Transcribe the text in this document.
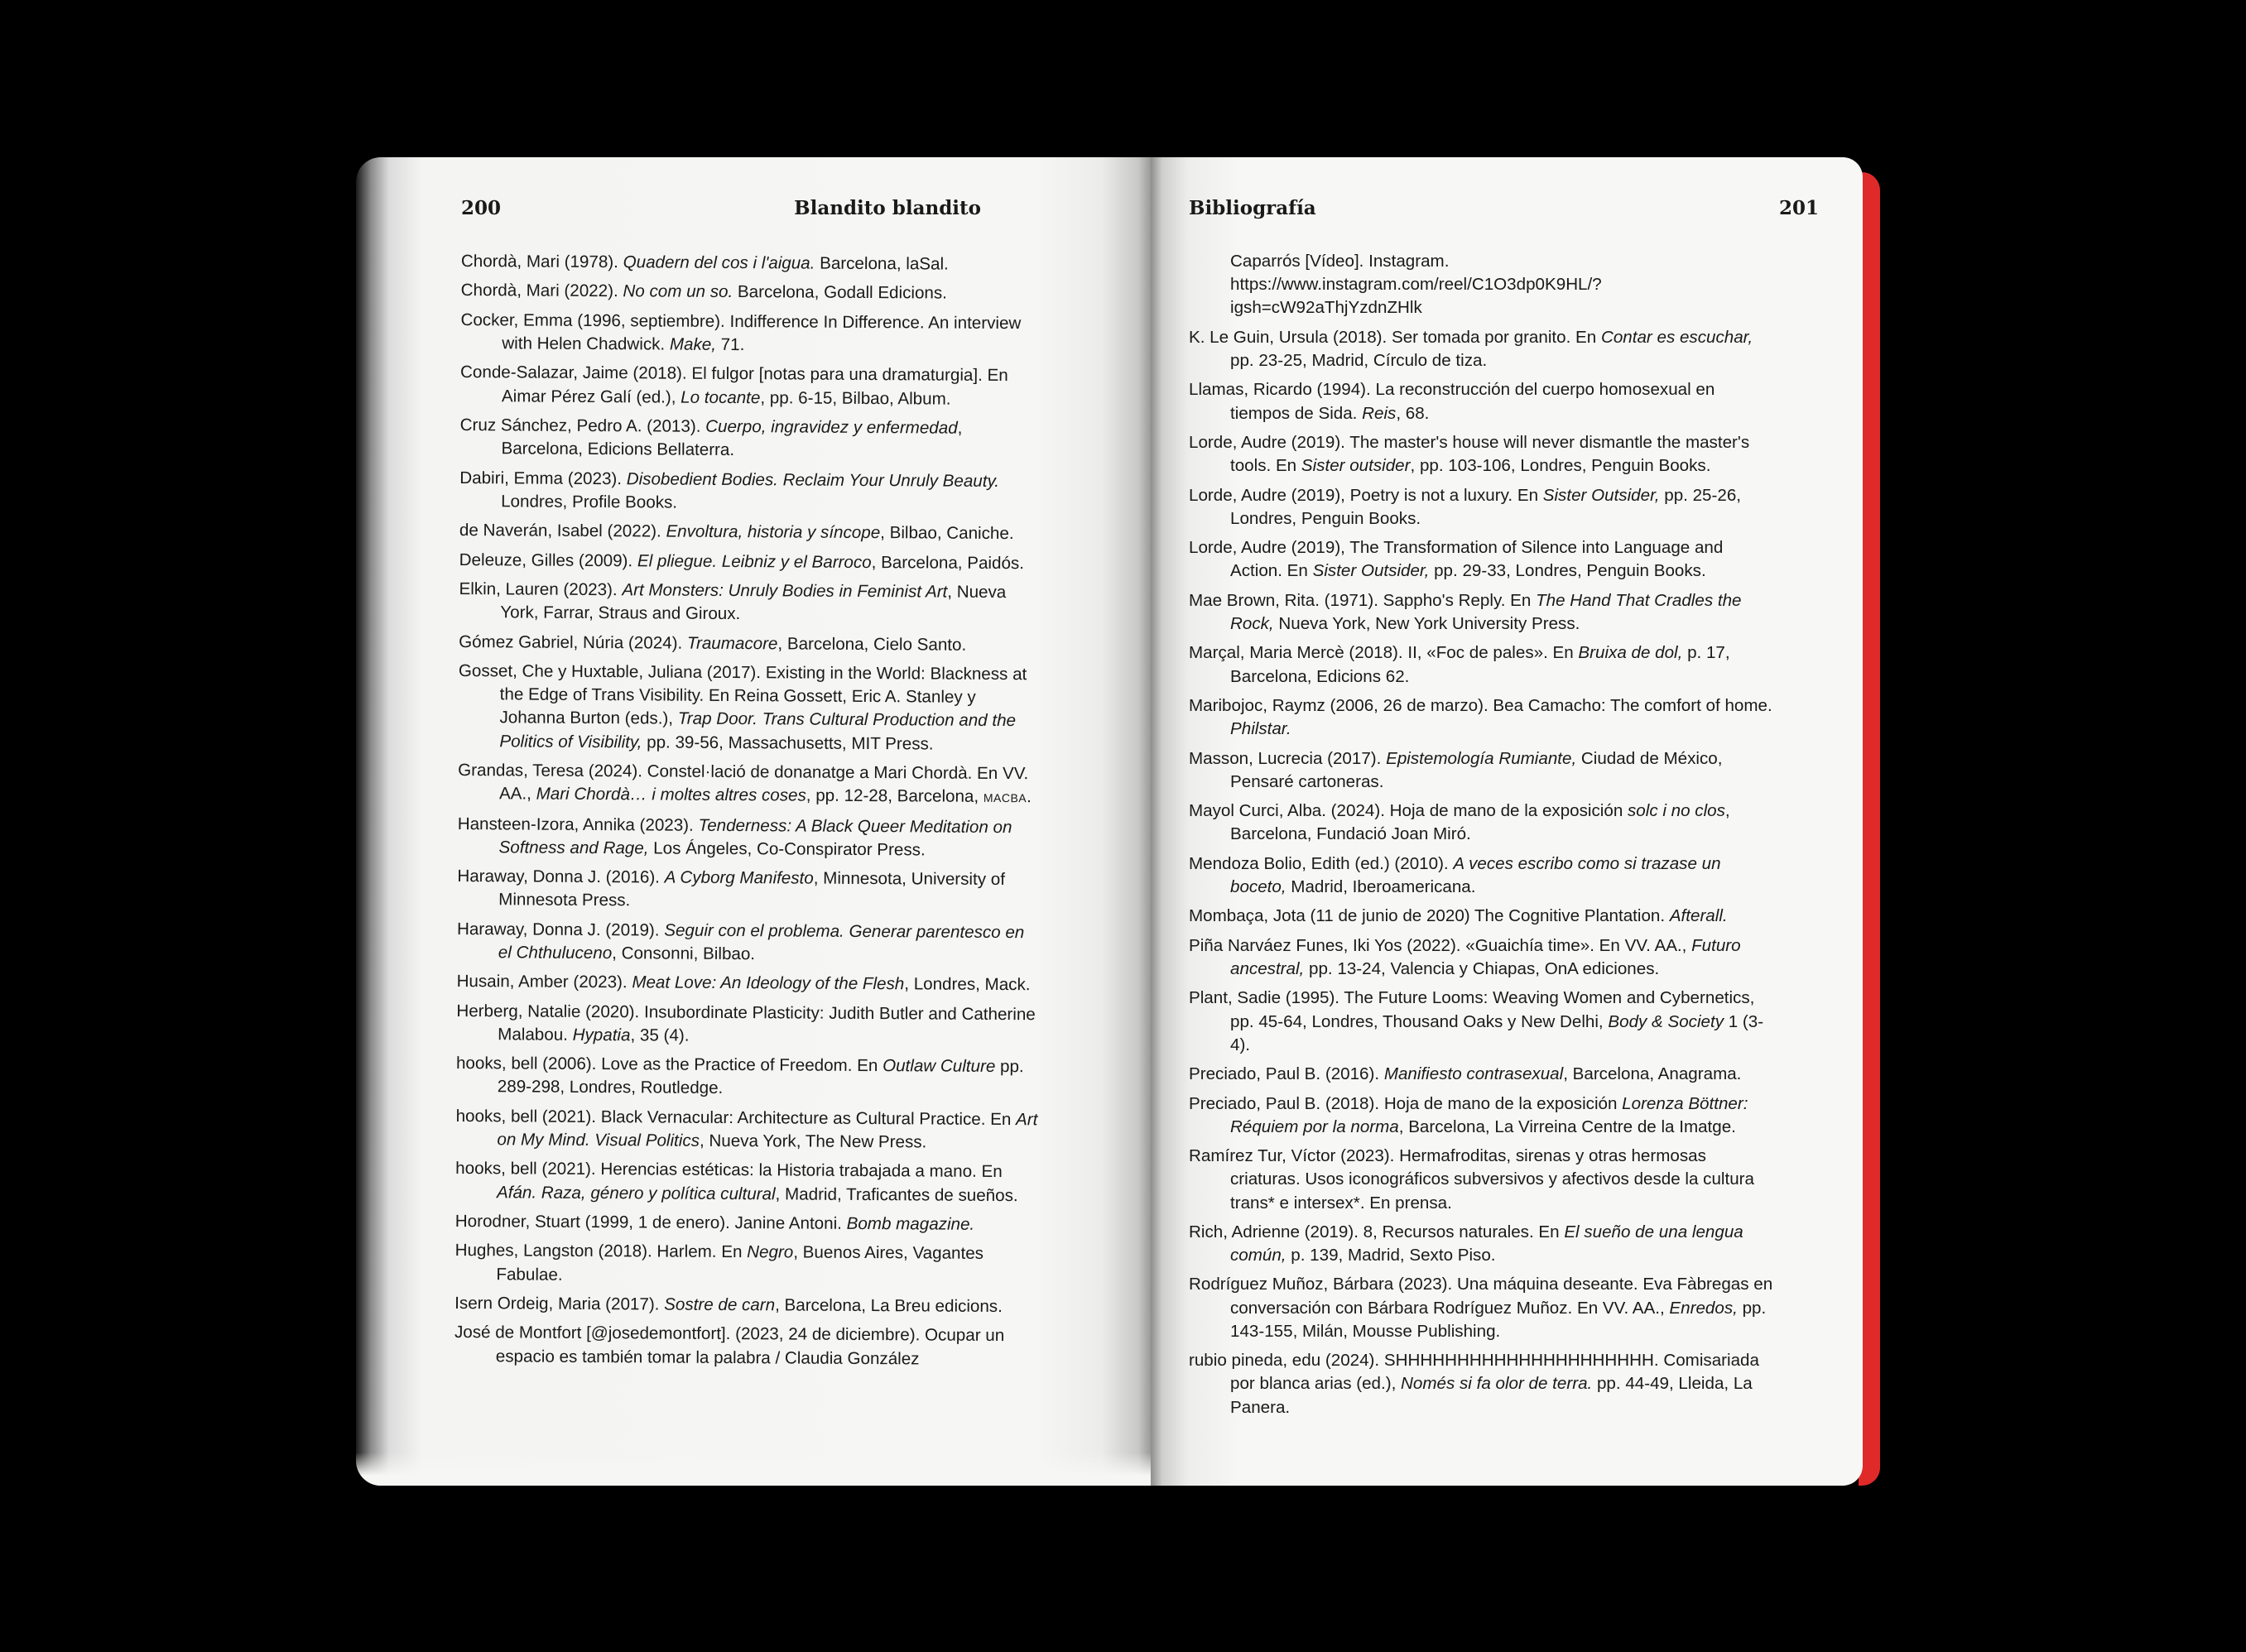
200	Blandito blandito
Chordà, Mari (1978). Quadern del cos i l'aigua. Barcelona, laSal.
Chordà, Mari (2022). No com un so. Barcelona, Godall Edicions.
Cocker, Emma (1996, septiembre). Indifference In Difference. An interview with Helen Chadwick. Make, 71.
Conde-Salazar, Jaime (2018). El fulgor [notas para una dramaturgia]. En Aimar Pérez Galí (ed.), Lo tocante, pp. 6-15, Bilbao, Album.
Cruz Sánchez, Pedro A. (2013). Cuerpo, ingravidez y enfermedad, Barcelona, Edicions Bellaterra.
Dabiri, Emma (2023). Disobedient Bodies. Reclaim Your Unruly Beauty. Londres, Profile Books.
de Naverán, Isabel (2022). Envoltura, historia y síncope, Bilbao, Caniche.
Deleuze, Gilles (2009). El pliegue. Leibniz y el Barroco, Barcelona, Paidós.
Elkin, Lauren (2023). Art Monsters: Unruly Bodies in Feminist Art, Nueva York, Farrar, Straus and Giroux.
Gómez Gabriel, Núria (2024). Traumacore, Barcelona, Cielo Santo.
Gosset, Che y Huxtable, Juliana (2017). Existing in the World: Blackness at the Edge of Trans Visibility. En Reina Gossett, Eric A. Stanley y Johanna Burton (eds.), Trap Door. Trans Cultural Production and the Politics of Visibility, pp. 39-56, Massachusetts, MIT Press.
Grandas, Teresa (2024). Constel·lació de donanatge a Mari Chordà. En VV. AA., Mari Chordà… i moltes altres coses, pp. 12-28, Barcelona, MACBA.
Hansteen-Izora, Annika (2023). Tenderness: A Black Queer Meditation on Softness and Rage, Los Ángeles, Co-Conspirator Press.
Haraway, Donna J. (2016). A Cyborg Manifesto, Minnesota, University of Minnesota Press.
Haraway, Donna J. (2019). Seguir con el problema. Generar parentesco en el Chthuluceno, Consonni, Bilbao.
Husain, Amber (2023). Meat Love: An Ideology of the Flesh, Londres, Mack.
Herberg, Natalie (2020). Insubordinate Plasticity: Judith Butler and Catherine Malabou. Hypatia, 35 (4).
hooks, bell (2006). Love as the Practice of Freedom. En Outlaw Culture pp. 289-298, Londres, Routledge.
hooks, bell (2021). Black Vernacular: Architecture as Cultural Practice. En Art on My Mind. Visual Politics, Nueva York, The New Press.
hooks, bell (2021). Herencias estéticas: la Historia trabajada a mano. En Afán. Raza, género y política cultural, Madrid, Traficantes de sueños.
Horodner, Stuart (1999, 1 de enero). Janine Antoni. Bomb magazine.
Hughes, Langston (2018). Harlem. En Negro, Buenos Aires, Vagantes Fabulae.
Isern Ordeig, Maria (2017). Sostre de carn, Barcelona, La Breu edicions.
José de Montfort [@josedemontfort]. (2023, 24 de diciembre). Ocupar un espacio es también tomar la palabra / Claudia González
Bibliografía	201
Caparrós [Vídeo]. Instagram. https://www.instagram.com/reel/C1O3dp0K9HL/?igsh=cW92aThjYzdnZHlk
K. Le Guin, Ursula (2018). Ser tomada por granito. En Contar es escuchar, pp. 23-25, Madrid, Círculo de tiza.
Llamas, Ricardo (1994). La reconstrucción del cuerpo homosexual en tiempos de Sida. Reis, 68.
Lorde, Audre (2019). The master's house will never dismantle the master's tools. En Sister outsider, pp. 103-106, Londres, Penguin Books.
Lorde, Audre (2019), Poetry is not a luxury. En Sister Outsider, pp. 25-26, Londres, Penguin Books.
Lorde, Audre (2019), The Transformation of Silence into Language and Action. En Sister Outsider, pp. 29-33, Londres, Penguin Books.
Mae Brown, Rita. (1971). Sappho's Reply. En The Hand That Cradles the Rock, Nueva York, New York University Press.
Marçal, Maria Mercè (2018). II, «Foc de pales». En Bruixa de dol, p. 17, Barcelona, Edicions 62.
Maribojoc, Raymz (2006, 26 de marzo). Bea Camacho: The comfort of home. Philstar.
Masson, Lucrecia (2017). Epistemología Rumiante, Ciudad de México, Pensaré cartoneras.
Mayol Curci, Alba. (2024). Hoja de mano de la exposición solc i no clos, Barcelona, Fundació Joan Miró.
Mendoza Bolio, Edith (ed.) (2010). A veces escribo como si trazase un boceto, Madrid, Iberoamericana.
Mombaça, Jota (11 de junio de 2020) The Cognitive Plantation. Afterall.
Piña Narváez Funes, Iki Yos (2022). «Guaichía time». En VV. AA., Futuro ancestral, pp. 13-24, Valencia y Chiapas, OnA ediciones.
Plant, Sadie (1995). The Future Looms: Weaving Women and Cybernetics, pp. 45-64, Londres, Thousand Oaks y New Delhi, Body & Society 1 (3-4).
Preciado, Paul B. (2016). Manifiesto contrasexual, Barcelona, Anagrama.
Preciado, Paul B. (2018). Hoja de mano de la exposición Lorenza Böttner: Réquiem por la norma, Barcelona, La Virreina Centre de la Imatge.
Ramírez Tur, Víctor (2023). Hermafroditas, sirenas y otras hermosas criaturas. Usos iconográficos subversivos y afectivos desde la cultura trans* e intersex*. En prensa.
Rich, Adrienne (2019). 8, Recursos naturales. En El sueño de una lengua común, p. 139, Madrid, Sexto Piso.
Rodríguez Muñoz, Bárbara (2023). Una máquina deseante. Eva Fàbregas en conversación con Bárbara Rodríguez Muñoz. En VV. AA., Enredos, pp. 143-155, Milán, Mousse Publishing.
rubio pineda, edu (2024). SHHHHHHHHHHHHHHHHHHHHH. Comisariada por blanca arias (ed.), Només si fa olor de terra. pp. 44-49, Lleida, La Panera.
